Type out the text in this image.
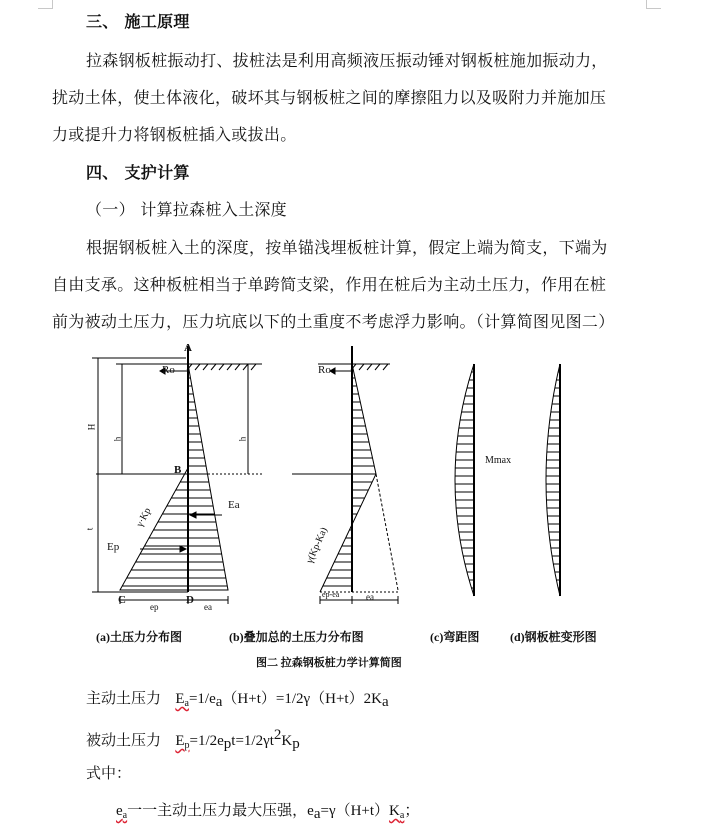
三、 施工原理
拉森钢板桩振动打、拔桩法是利用高频液压振动锤对钢板桩施加振动力，
扰动土体，使土体液化，破坏其与钢板桩之间的摩擦阻力以及吸附力并施加压
力或提升力将钢板桩插入或拔出。
四、 支护计算
（一） 计算拉森桩入土深度
根据钢板桩入土的深度，按单锚浅埋板桩计算，假定上端为简支，下端为
自由支承。这种板桩相当于单跨简支梁，作用在桩后为主动土压力，作用在桩
前为被动土压力，压力坑底以下的土重度不考虑浮力影响。（计算简图见图二）
A
B
C	D
Ro	Ro
Ea
Ep
H
t
h	h
γ·Kp
γ(Kp-Ka)
ep	ea
ep-ea	ea
Mmax
(a)土压力分布图	(b)叠加总的土压力分布图	(c)弯距图	(d)钢板桩变形图
图二 拉森钢板桩力学计算简图
主动土压力 $E_a=1/e_a(H+t)=1/2\gamma(H+t)2K_a$
被动土压力 $E_p=1/2e_pt=1/2\gamma t^2K_p$
式中：
$e_a$一一主动土压力最大压强，$e_a=\gamma(H+t)K_a$；
